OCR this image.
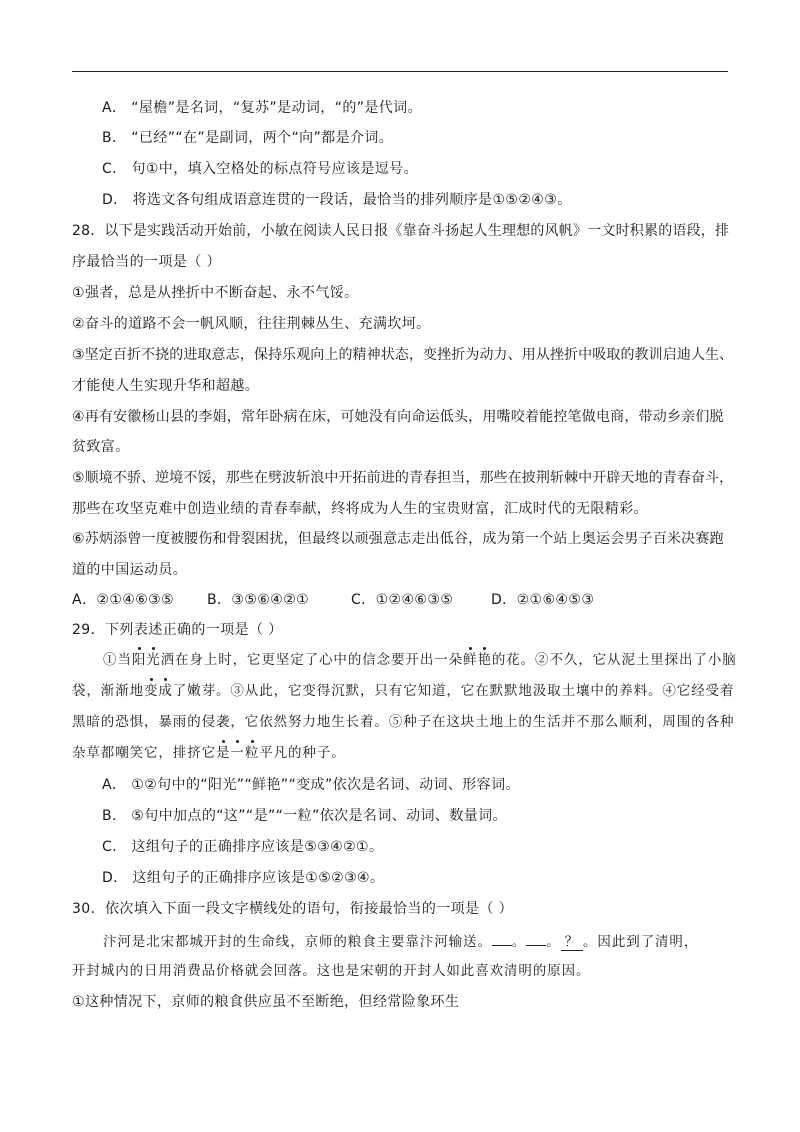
A． “屋檐”是名词，“复苏”是动词，“的”是代词。
B． “已经”“在”是副词，两个“向”都是介词。
C． 句①中，填入空格处的标点符号应该是逗号。
D． 将选文各句组成语意连贯的一段话，最恰当的排列顺序是①⑤②④③。
28．以下是实践活动开始前，小敏在阅读人民日报《靠奋斗扬起人生理想的风帆》一文时积累的语段，排
序最恰当的一项是（ ）
①强者，总是从挫折中不断奋起、永不气馁。
②奋斗的道路不会一帆风顺，往往荆棘丛生、充满坎坷。
③坚定百折不挠的进取意志，保持乐观向上的精神状态，变挫折为动力、用从挫折中吸取的教训启迪人生、
才能使人生实现升华和超越。
④再有安徽杨山县的李娟，常年卧病在床，可她没有向命运低头，用嘴咬着能控笔做电商，带动乡亲们脱
贫致富。
⑤顺境不骄、逆境不馁，那些在劈波斩浪中开拓前进的青春担当，那些在披荆斩棘中开辟天地的青春奋斗，
那些在攻坚克难中创造业绩的青春奉献，终将成为人生的宝贵财富，汇成时代的无限精彩。
⑥苏炳添曾一度被腰伤和骨裂困扰，但最终以顽强意志走出低谷，成为第一个站上奥运会男子百米决赛跑
道的中国运动员。
A．②①④⑥③⑤ B．③⑤⑥④②①	C．①②④⑥③⑤	D．②①⑥④⑤③
29．下列表述正确的一项是（ ）
①当阳光洒在身上时，它更坚定了心中的信念要开出一朵鲜艳的花。②不久，它从泥土里探出了小脑
袋，渐渐地变成了嫩芽。③从此，它变得沉默，只有它知道，它在默默地汲取土壤中的养料。④它经受着
黑暗的恐惧，暴雨的侵袭，它依然努力地生长着。⑤种子在这块土地上的生活并不那么顺利，周围的各种
杂草都嘲笑它，排挤它是一粒平凡的种子。
A． ①②句中的“阳光”“鲜艳”“变成”依次是名词、动词、形容词。
B． ⑤句中加点的“这”“是”“一粒”依次是名词、动词、数量词。
C． 这组句子的正确排序应该是⑤③④②①。
D． 这组句子的正确排序应该是①⑤②③④。
30．依次填入下面一段文字横线处的语句，衔接最恰当的一项是（ ）
汴河是北宋都城开封的生命线，京师的粮食主要靠汴河输送。 。 。 ？ 。因此到了清明，
开封城内的日用消费品价格就会回落。这也是宋朝的开封人如此喜欢清明的原因。
①这种情况下，京师的粮食供应虽不至断绝，但经常险象环生
